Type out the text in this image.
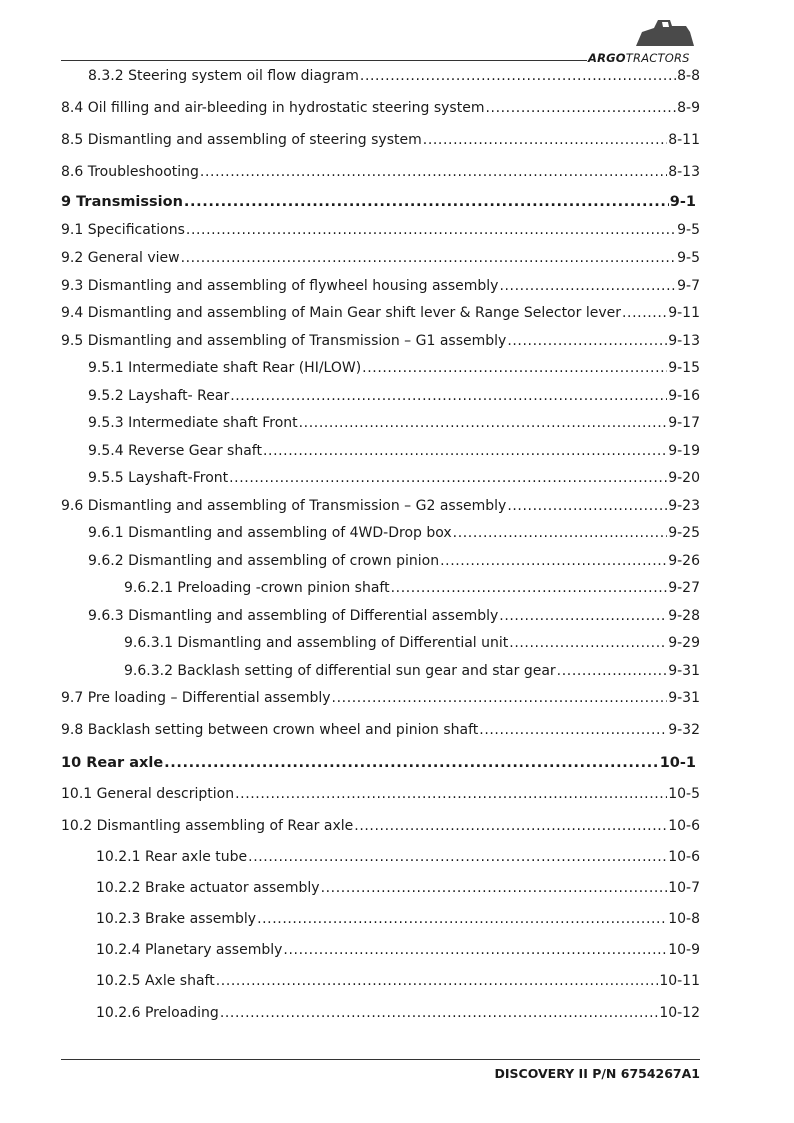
ARGOTRACTORS
8.3.2 Steering system oil flow diagram .....	8-8
8.4 Oil filling and air-bleeding in hydrostatic steering system .....	8-9
8.5 Dismantling and assembling of steering system .....	8-11
8.6 Troubleshooting .....	8-13
9 Transmission .....	9-1
9.1 Specifications .....	9-5
9.2 General view .....	9-5
9.3 Dismantling and assembling of flywheel housing assembly .....	9-7
9.4 Dismantling and assembling of Main Gear shift lever & Range Selector lever .....	9-11
9.5 Dismantling and assembling of Transmission – G1 assembly .....	9-13
9.5.1 Intermediate shaft Rear (HI/LOW) .....	9-15
9.5.2 Layshaft- Rear .....	9-16
9.5.3 Intermediate shaft Front .....	9-17
9.5.4 Reverse Gear shaft .....	9-19
9.5.5 Layshaft-Front .....	9-20
9.6 Dismantling and assembling of Transmission – G2 assembly .....	9-23
9.6.1 Dismantling and assembling of 4WD-Drop box .....	9-25
9.6.2 Dismantling and assembling of crown pinion .....	9-26
9.6.2.1 Preloading -crown pinion shaft .....	9-27
9.6.3 Dismantling and assembling of Differential assembly .....	9-28
9.6.3.1 Dismantling and assembling of Differential unit .....	9-29
9.6.3.2 Backlash setting of differential sun gear and star gear .....	9-31
9.7 Pre loading – Differential assembly .....	9-31
9.8 Backlash setting between crown wheel and pinion shaft .....	9-32
10 Rear axle .....	10-1
10.1 General description .....	10-5
10.2 Dismantling assembling of Rear axle .....	10-6
10.2.1 Rear axle tube .....	10-6
10.2.2 Brake actuator assembly .....	10-7
10.2.3 Brake assembly .....	10-8
10.2.4 Planetary assembly .....	10-9
10.2.5 Axle shaft .....	10-11
10.2.6 Preloading .....	10-12
DISCOVERY II P/N 6754267A1
